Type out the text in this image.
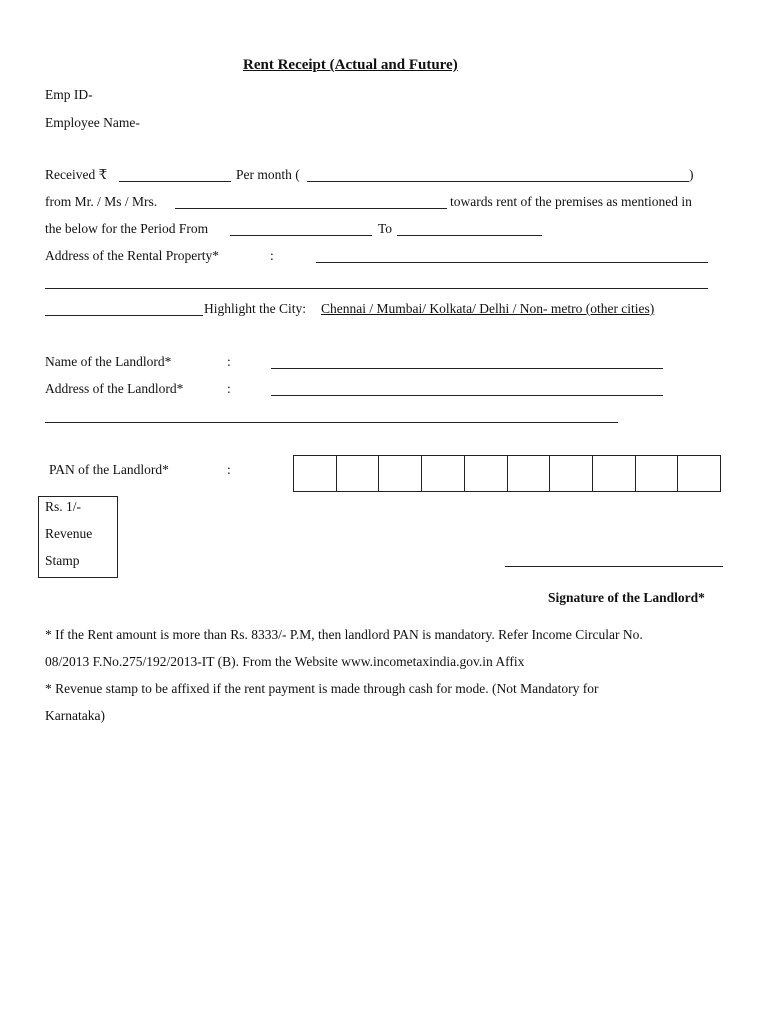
Rent Receipt (Actual and Future)
Emp ID-
Employee Name-
Received ₹	Per month (	)
from Mr. / Ms / Mrs.	towards rent of the premises as mentioned in
the below for the Period From	To
Address of the Rental Property*	:
Highlight the City: Chennai / Mumbai/ Kolkata/ Delhi / Non- metro (other cities)
Name of the Landlord*	:
Address of the Landlord*	:
PAN of the Landlord*	:
Rs. 1/-
Revenue
Stamp
Signature of the Landlord*
* If the Rent amount is more than Rs. 8333/- P.M, then landlord PAN is mandatory. Refer Income Circular No.
08/2013 F.No.275/192/2013-IT (B). From the Website www.incometaxindia.gov.in Affix
* Revenue stamp to be affixed if the rent payment is made through cash for mode. (Not Mandatory for
Karnataka)
